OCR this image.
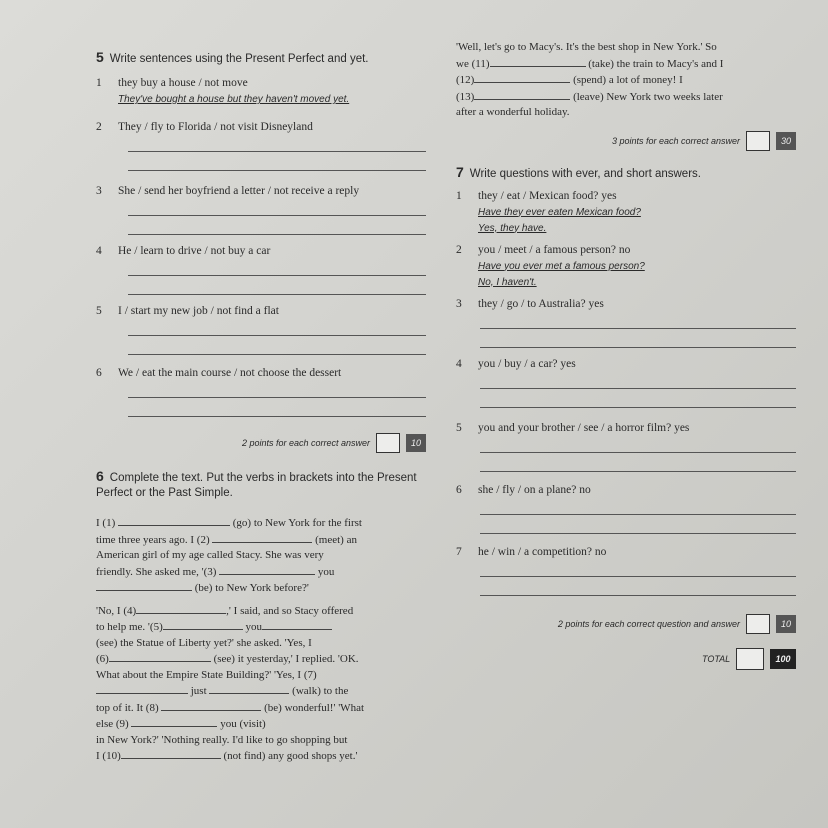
5 Write sentences using the Present Perfect and yet.
1	they buy a house / not move
They've bought a house but they haven't moved yet.
2	They / fly to Florida / not visit Disneyland
3	She / send her boyfriend a letter / not receive a reply
4	He / learn to drive / not buy a car
5	I / start my new job / not find a flat
6	We / eat the main course / not choose the dessert
2 points for each correct answer	10
6 Complete the text. Put the verbs in brackets into the Present Perfect or the Past Simple.
I (1)	(go) to New York for the first
time three years ago. I (2)	(meet) an
American girl of my age called Stacy. She was very
friendly. She asked me, '(3)	you
(be) to New York before?'
'No, I (4)	,' I said, and so Stacy offered
to help me. '(5)	you
(see) the Statue of Liberty yet?' she asked. 'Yes, I
(6)	(see) it yesterday,' I replied. 'OK.
What about the Empire State Building?' 'Yes, I (7)
just	(walk) to the
top of it. It (8)	(be) wonderful!' 'What
else (9)	you (visit)
in New York?' 'Nothing really. I'd like to go shopping but
I (10)	(not find) any good shops yet.'
'Well, let's go to Macy's. It's the best shop in New York.' So
we (11)	(take) the train to Macy's and I
(12)	(spend) a lot of money! I
(13)	(leave) New York two weeks later
after a wonderful holiday.
3 points for each correct answer	30
7 Write questions with ever, and short answers.
1	they / eat / Mexican food? yes
Have they ever eaten Mexican food?
Yes, they have.
2	you / meet / a famous person? no
Have you ever met a famous person?
No, I haven't.
3	they / go / to Australia? yes
4	you / buy / a car? yes
5	you and your brother / see / a horror film? yes
6	she / fly / on a plane? no
7	he / win / a competition? no
2 points for each correct question and answer	10
TOTAL	100
